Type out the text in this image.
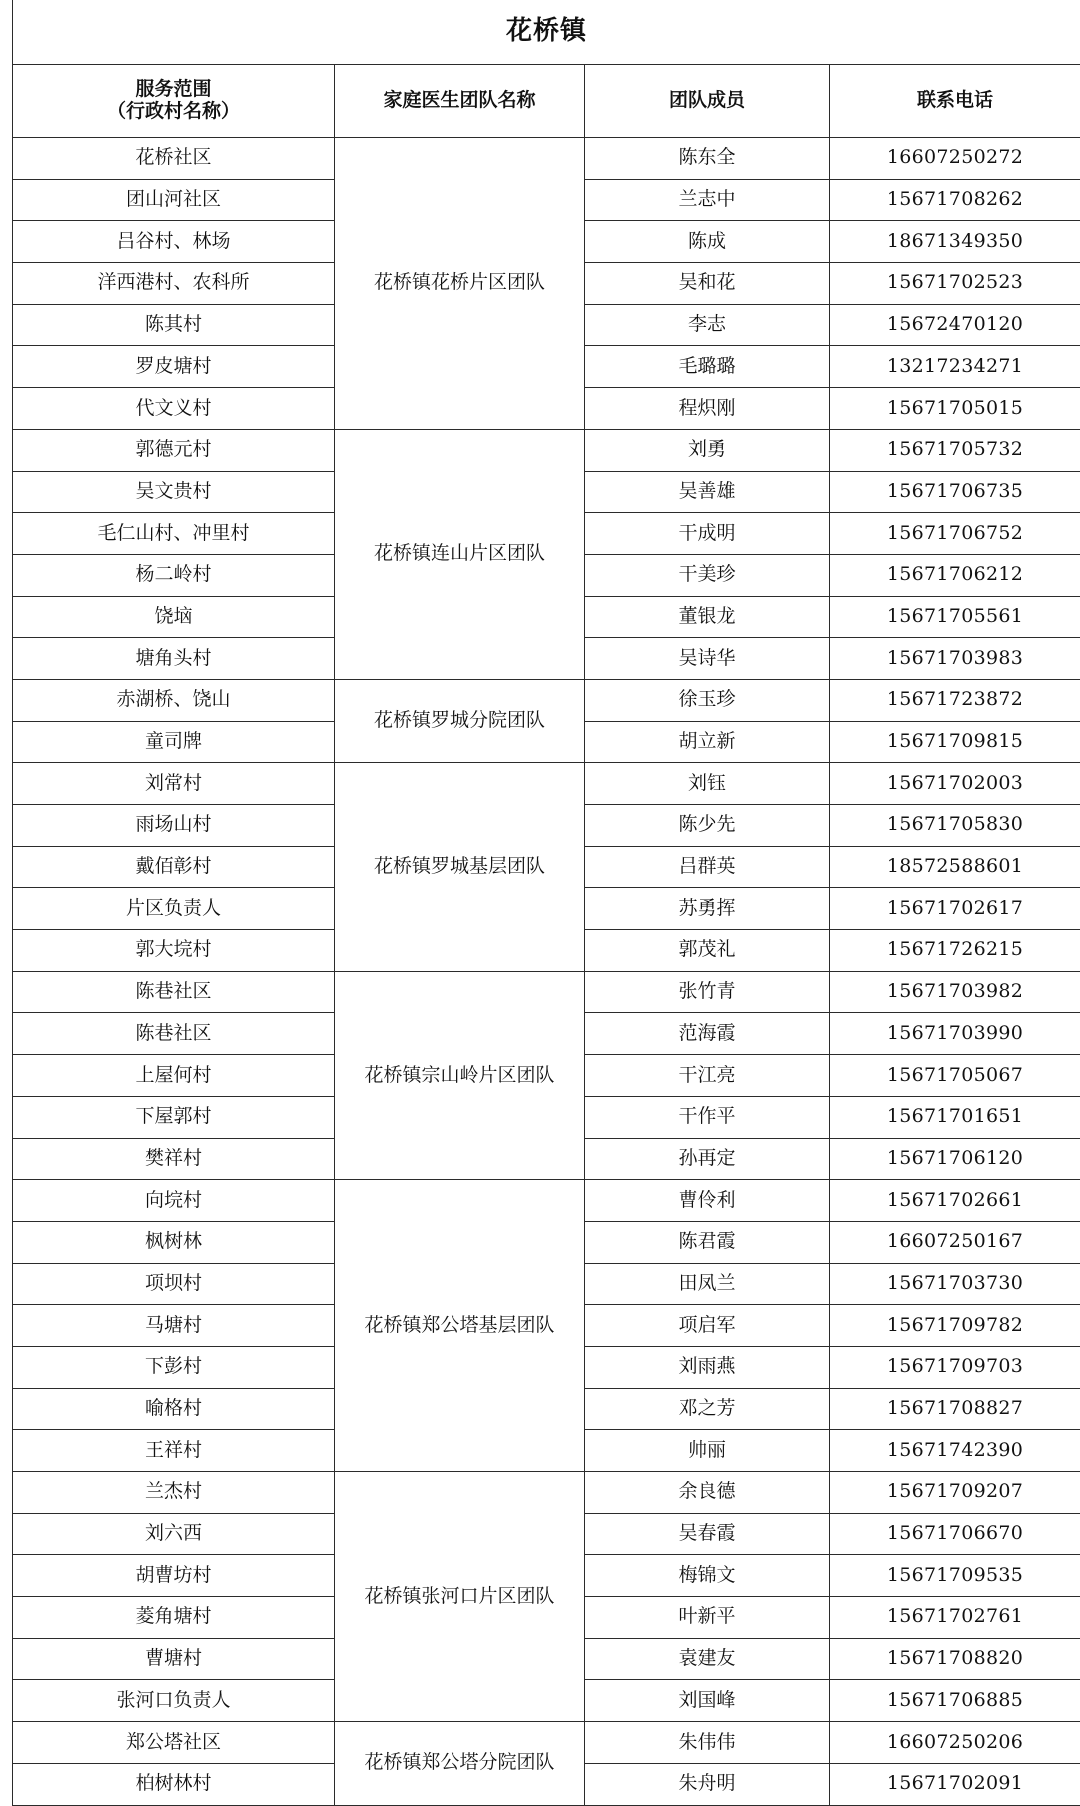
花桥镇			

服务范围
（行政村名称）	家庭医生团队名称	团队成员	联系电话
花桥社区	花桥镇花桥片区团队	陈东全	16607250272
团山河社区		兰志中	15671708262
吕谷村、林场		陈成	18671349350
洋西港村、农科所		吴和花	15671702523
陈其村		李志	15672470120
罗皮塘村		毛璐璐	13217234271
代文义村		程炽刚	15671705015
郭德元村	花桥镇连山片区团队	刘勇	15671705732
吴文贵村		吴善雄	15671706735
毛仁山村、冲里村		干成明	15671706752
杨二岭村		干美珍	15671706212
饶垴		董银龙	15671705561
塘角头村		吴诗华	15671703983
赤湖桥、饶山	花桥镇罗城分院团队	徐玉珍	15671723872
童司牌		胡立新	15671709815
刘常村	花桥镇罗城基层团队	刘钰	15671702003
雨场山村		陈少先	15671705830
戴佰彰村		吕群英	18572588601
片区负责人		苏勇挥	15671702617
郭大垸村		郭茂礼	15671726215
陈巷社区	花桥镇宗山岭片区团队	张竹青	15671703982
陈巷社区		范海霞	15671703990
上屋何村		干江亮	15671705067
下屋郭村		干作平	15671701651
樊祥村		孙再定	15671706120
向垸村	花桥镇郑公塔基层团队	曹伶利	15671702661
枫树林		陈君霞	16607250167
项坝村		田凤兰	15671703730
马塘村		项启军	15671709782
下彭村		刘雨燕	15671709703
喻格村		邓之芳	15671708827
王祥村		帅丽	15671742390
兰杰村	花桥镇张河口片区团队	余良德	15671709207
刘六西		吴春霞	15671706670
胡曹坊村		梅锦文	15671709535
菱角塘村		叶新平	15671702761
曹塘村		袁建友	15671708820
张河口负责人		刘国峰	15671706885
郑公塔社区	花桥镇郑公塔分院团队	朱伟伟	16607250206
柏树林村		朱舟明	15671702091
